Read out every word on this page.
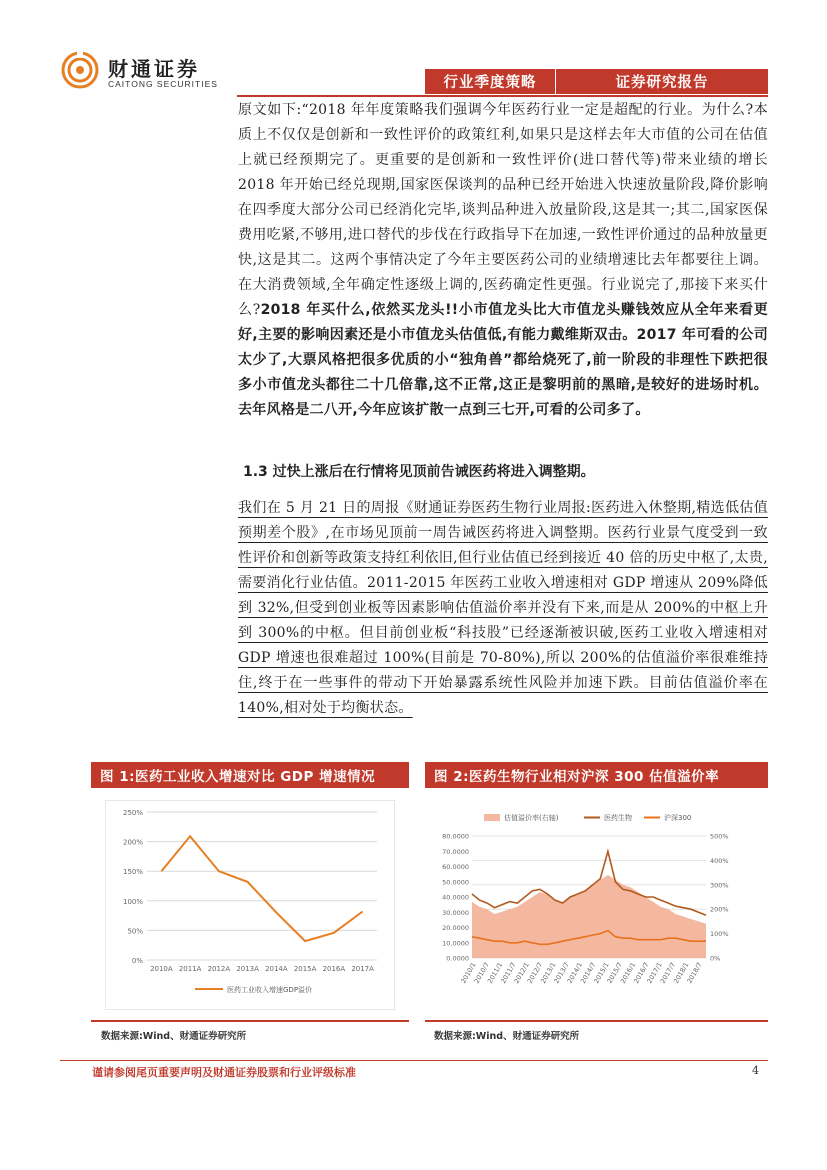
财通证券
CAITONG SECURITIES	行业季度策略	证券研究报告
原文如下:“2018 年年度策略我们强调今年医药行业一定是超配的行业。为什么?本质上不仅仅是创新和一致性评价的政策红利,如果只是这样去年大市值的公司在估值上就已经预期完了。更重要的是创新和一致性评价(进口替代等)带来业绩的增长 2018 年开始已经兑现期,国家医保谈判的品种已经开始进入快速放量阶段,降价影响在四季度大部分公司已经消化完毕,谈判品种进入放量阶段,这是其一;其二,国家医保费用吃紧,不够用,进口替代的步伐在行政指导下在加速,一致性评价通过的品种放量更快,这是其二。这两个事情决定了今年主要医药公司的业绩增速比去年都要往上调。在大消费领域,全年确定性逐级上调的,医药确定性更强。行业说完了,那接下来买什么?2018 年买什么,依然买龙头!!小市值龙头比大市值龙头赚钱效应从全年来看更好,主要的影响因素还是小市值龙头估值低,有能力戴维斯双击。2017 年可看的公司太少了,大票风格把很多优质的小“独角兽”都给烧死了,前一阶段的非理性下跌把很多小市值龙头都往二十几倍靠,这不正常,这正是黎明前的黑暗,是较好的进场时机。去年风格是二八开,今年应该扩散一点到三七开,可看的公司多了。
1.3 过快上涨后在行情将见顶前告诫医药将进入调整期。
我们在 5 月 21 日的周报《财通证券医药生物行业周报:医药进入休整期,精选低估值预期差个股》,在市场见顶前一周告诫医药将进入调整期。医药行业景气度受到一致性评价和创新等政策支持红利依旧,但行业估值已经到接近 40 倍的历史中枢了,太贵,需要消化行业估值。2011-2015 年医药工业收入增速相对 GDP 增速从 209%降低到 32%,但受到创业板等因素影响估值溢价率并没有下来,而是从 200%的中枢上升到 300%的中枢。但目前创业板“科技股”已经逐渐被识破,医药工业收入增速相对 GDP 增速也很难超过 100%(目前是 70-80%),所以 200%的估值溢价率很难维持住,终于在一些事件的带动下开始暴露系统性风险并加速下跌。目前估值溢价率在 140%,相对处于均衡状态。
图 1:医药工业收入增速对比 GDP 增速情况	图 2:医药生物行业相对沪深 300 估值溢价率
0%
50%
100%
150%
200%
250%
2010A 2011A 2012A 2013A 2014A 2015A 2016A 2017A
医药工业收入增速GDP溢价
估值溢价率(右轴)	医药生物	沪深300
0.0000
10.0000
20.0000
30.0000
40.0000
50.0000
60.0000
70.0000
80.0000
0%
100%
200%
300%
400%
500%
2010/1
2010/7
2011/1
2011/7
2012/1
2012/7
2013/1
2013/7
2014/1
2014/7
2015/1
2015/7
2016/1
2016/7
2017/1
2017/7
2018/1
2018/7
数据来源:Wind、财通证券研究所	数据来源:Wind、财通证券研究所
谨请参阅尾页重要声明及财通证券股票和行业评级标准	4
